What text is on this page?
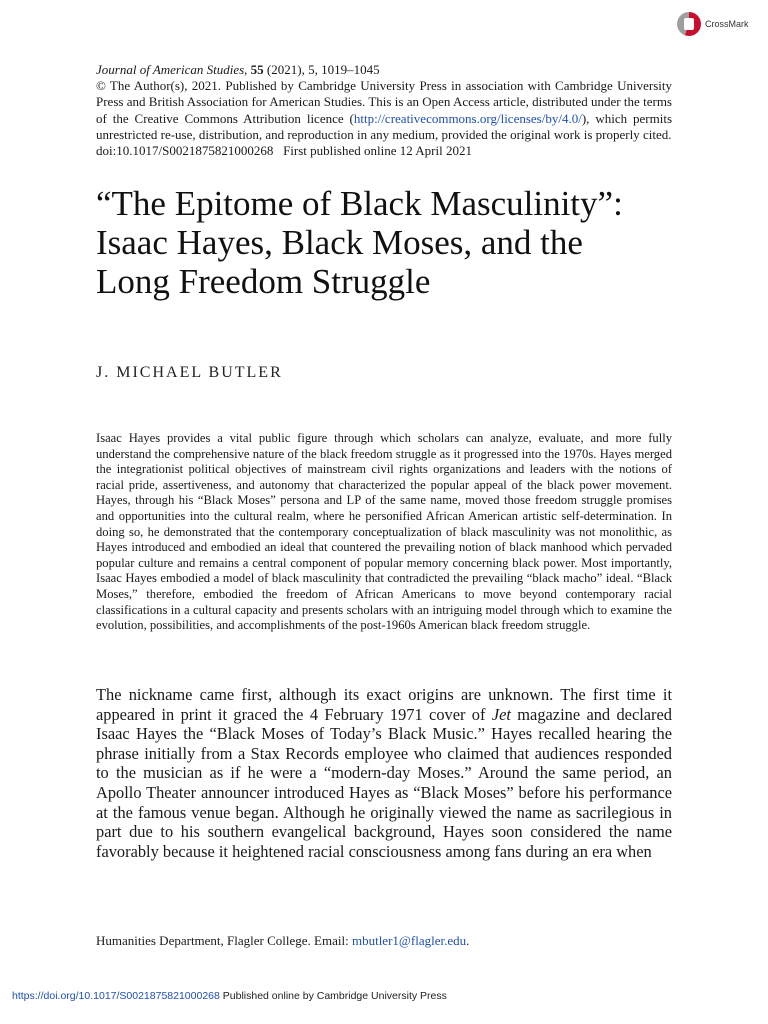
CrossMark

Journal of American Studies, 55 (2021), 5, 1019–1045

© The Author(s), 2021. Published by Cambridge University Press in association with Cambridge University Press and British Association for American Studies. This is an Open Access article, distributed under the terms of the Creative Commons Attribution licence (http://creativecommons.org/licenses/by/4.0/), which permits unrestricted re-use, distribution, and reproduction in any medium, provided the original work is properly cited.

doi:10.1017/S0021875821000268 First published online 12 April 2021

“The Epitome of Black Masculinity”: Isaac Hayes, Black Moses, and the Long Freedom Struggle
J. MICHAEL BUTLER

Isaac Hayes provides a vital public figure through which scholars can analyze, evaluate, and more fully understand the comprehensive nature of the black freedom struggle as it progressed into the 1970s. Hayes merged the integrationist political objectives of mainstream civil rights organizations and leaders with the notions of racial pride, assertiveness, and autonomy that characterized the popular appeal of the black power movement. Hayes, through his “Black Moses” persona and LP of the same name, moved those freedom struggle promises and opportunities into the cultural realm, where he personified African American artistic self-determination. In doing so, he demonstrated that the contemporary conceptualization of black masculinity was not monolithic, as Hayes introduced and embodied an ideal that countered the prevailing notion of black manhood which pervaded popular culture and remains a central component of popular memory concerning black power. Most importantly, Isaac Hayes embodied a model of black masculinity that contradicted the prevailing “black macho” ideal. “Black Moses,” therefore, embodied the freedom of African Americans to move beyond contemporary racial classifications in a cultural capacity and presents scholars with an intriguing model through which to examine the evolution, possibilities, and accomplishments of the post-1960s American black freedom struggle.

The nickname came first, although its exact origins are unknown. The first time it appeared in print it graced the 4 February 1971 cover of Jet magazine and declared Isaac Hayes the “Black Moses of Today’s Black Music.” Hayes recalled hearing the phrase initially from a Stax Records employee who claimed that audiences responded to the musician as if he were a “modern-day Moses.” Around the same period, an Apollo Theater announcer introduced Hayes as “Black Moses” before his performance at the famous venue began. Although he originally viewed the name as sacrilegious in part due to his southern evangelical background, Hayes soon considered the name favorably because it heightened racial consciousness among fans during an era when

Humanities Department, Flagler College. Email: mbutler1@flagler.edu.
https://doi.org/10.1017/S0021875821000268 Published online by Cambridge University Press
